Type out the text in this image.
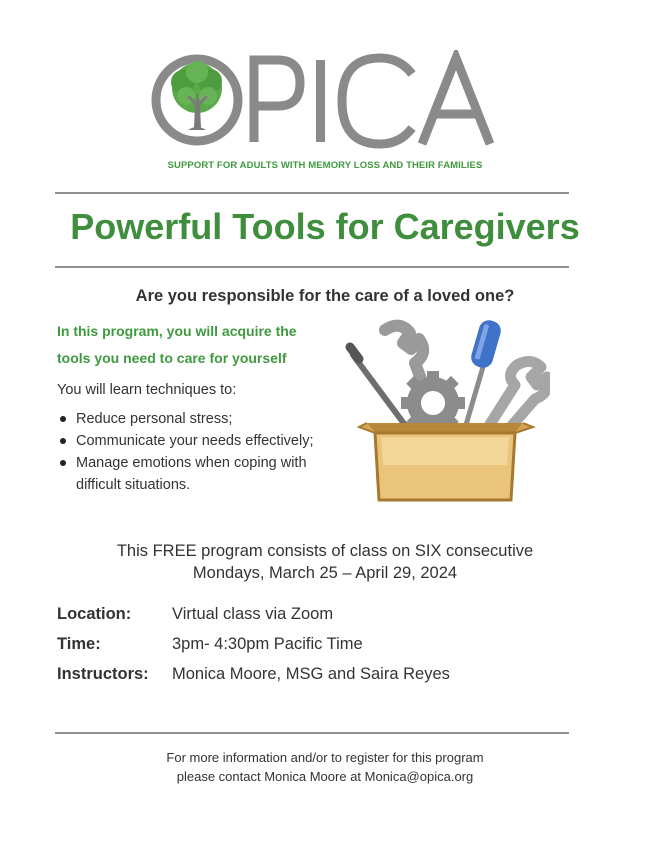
SUPPORT FOR ADULTS WITH MEMORY LOSS AND THEIR FAMILIES
Powerful Tools for Caregivers
Are you responsible for the care of a loved one?
In this program, you will acquire the
tools you need to care for yourself
You will learn techniques to:
Reduce personal stress;
Communicate your needs effectively;
Manage emotions when coping with
difficult situations.
This FREE program consists of class on SIX consecutive
Mondays, March 25 – April 29, 2024
Location: Virtual class via Zoom
Time:	3pm- 4:30pm Pacific Time
Instructors: Monica Moore, MSG and Saira Reyes
For more information and/or to register for this program
please contact Monica Moore at Monica@opica.org
